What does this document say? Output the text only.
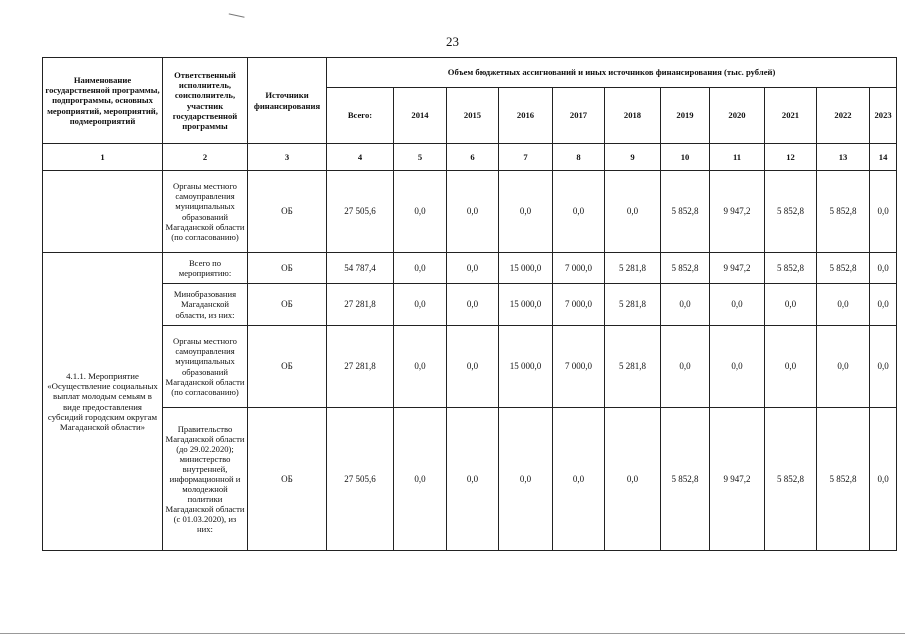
23
Наименование государственной программы, подпрограммы, основных мероприятий, мероприятий, подмероприятий	Ответственный исполнитель, соисполнитель, участник государственной программы	Источники финансирования	Объем бюджетных ассигнований и иных источников финансирования (тыс. рублей)										
			Всего:	2014	2015	2016	2017	2018	2019	2020	2021	2022	2023
1	2	3	4	5	6	7	8	9	10	11	12	13	14
	Органы местного самоуправления муниципальных образований Магаданской области (по согласованию)	ОБ	27 505,6	0,0	0,0	0,0	0,0	0,0	5 852,8	9 947,2	5 852,8	5 852,8	0,0
4.1.1. Мероприятие «Осуществление социальных выплат молодым семьям в виде предоставления субсидий городским округам Магаданской области»	Всего по мероприятию:	ОБ	54 787,4	0,0	0,0	15 000,0	7 000,0	5 281,8	5 852,8	9 947,2	5 852,8	5 852,8	0,0
	Минобразования Магаданской области, из них:	ОБ	27 281,8	0,0	0,0	15 000,0	7 000,0	5 281,8	0,0	0,0	0,0	0,0	0,0
	Органы местного самоуправления муниципальных образований Магаданской области (по согласованию)	ОБ	27 281,8	0,0	0,0	15 000,0	7 000,0	5 281,8	0,0	0,0	0,0	0,0	0,0
	Правительство Магаданской области (до 29.02.2020); министерство внутренней, информационной и молодежной политики Магаданской области (с 01.03.2020), из них:	ОБ	27 505,6	0,0	0,0	0,0	0,0	0,0	5 852,8	9 947,2	5 852,8	5 852,8	0,0
